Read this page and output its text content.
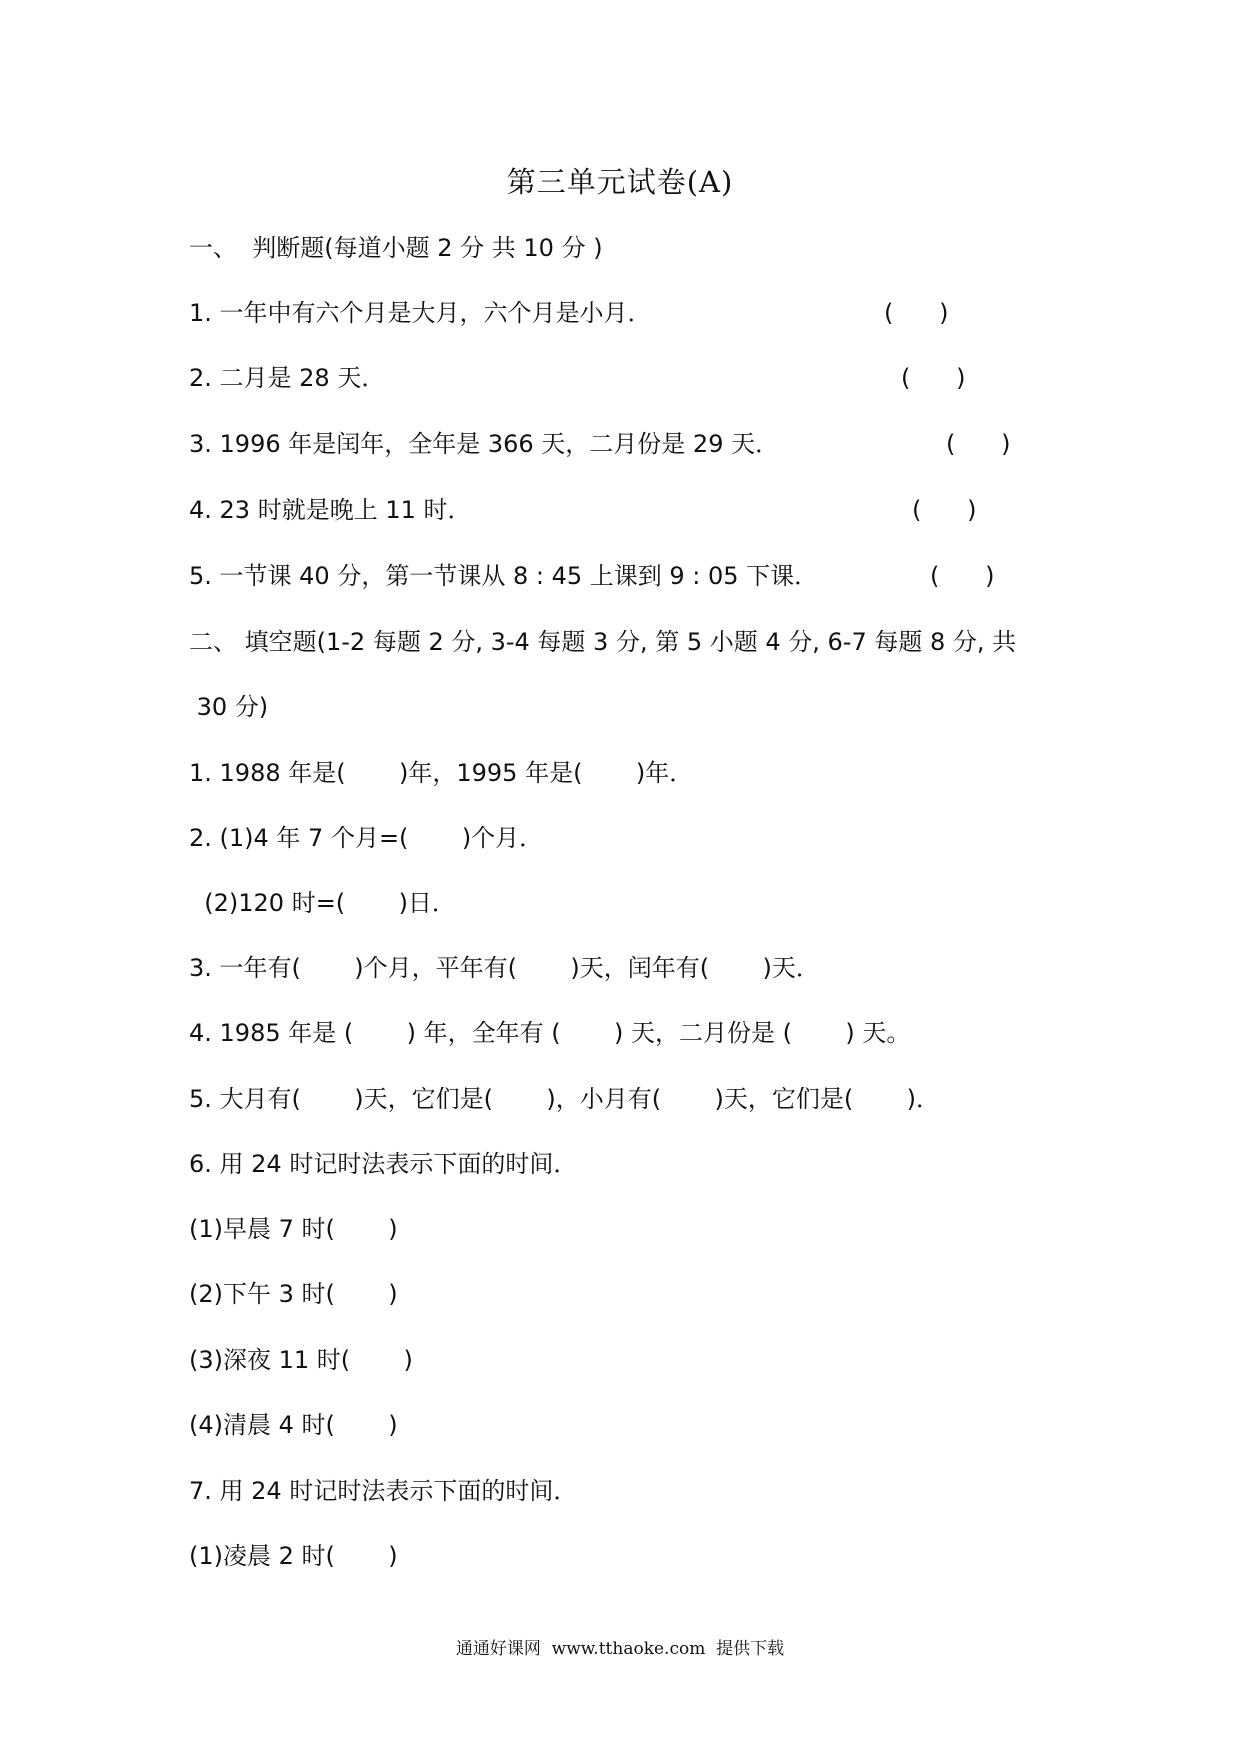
第三单元试卷(A)
一、  判断题(每道小题 2 分 共 10 分 )
1. 一年中有六个月是大月，六个月是小月．	(      )
2. 二月是 28 天．	(      )
3. 1996 年是闰年，全年是 366 天，二月份是 29 天．	(      )
4. 23 时就是晚上 11 时．	(      )
5. 一节课 40 分，第一节课从 8 : 45 上课到 9 : 05 下课．	(      )
二、 填空题(1-2 每题 2 分, 3-4 每题 3 分, 第 5 小题 4 分, 6-7 每题 8 分, 共
30 分)
1. 1988 年是(       )年，1995 年是(       )年．
2. (1)4 年 7 个月=(       )个月．
(2)120 时=(       )日．
3. 一年有(       )个月，平年有(       )天，闰年有(       )天．
4. 1985 年是 (       ) 年，全年有 (       ) 天，二月份是 (       ) 天。
5. 大月有(       )天，它们是(       )，小月有(       )天，它们是(       )．
6. 用 24 时记时法表示下面的时间．
(1)早晨 7 时(       )
(2)下午 3 时(       )
(3)深夜 11 时(       )
(4)清晨 4 时(       )
7. 用 24 时记时法表示下面的时间．
(1)凌晨 2 时(       )
通通好课网  www.tthaoke.com  提供下载
